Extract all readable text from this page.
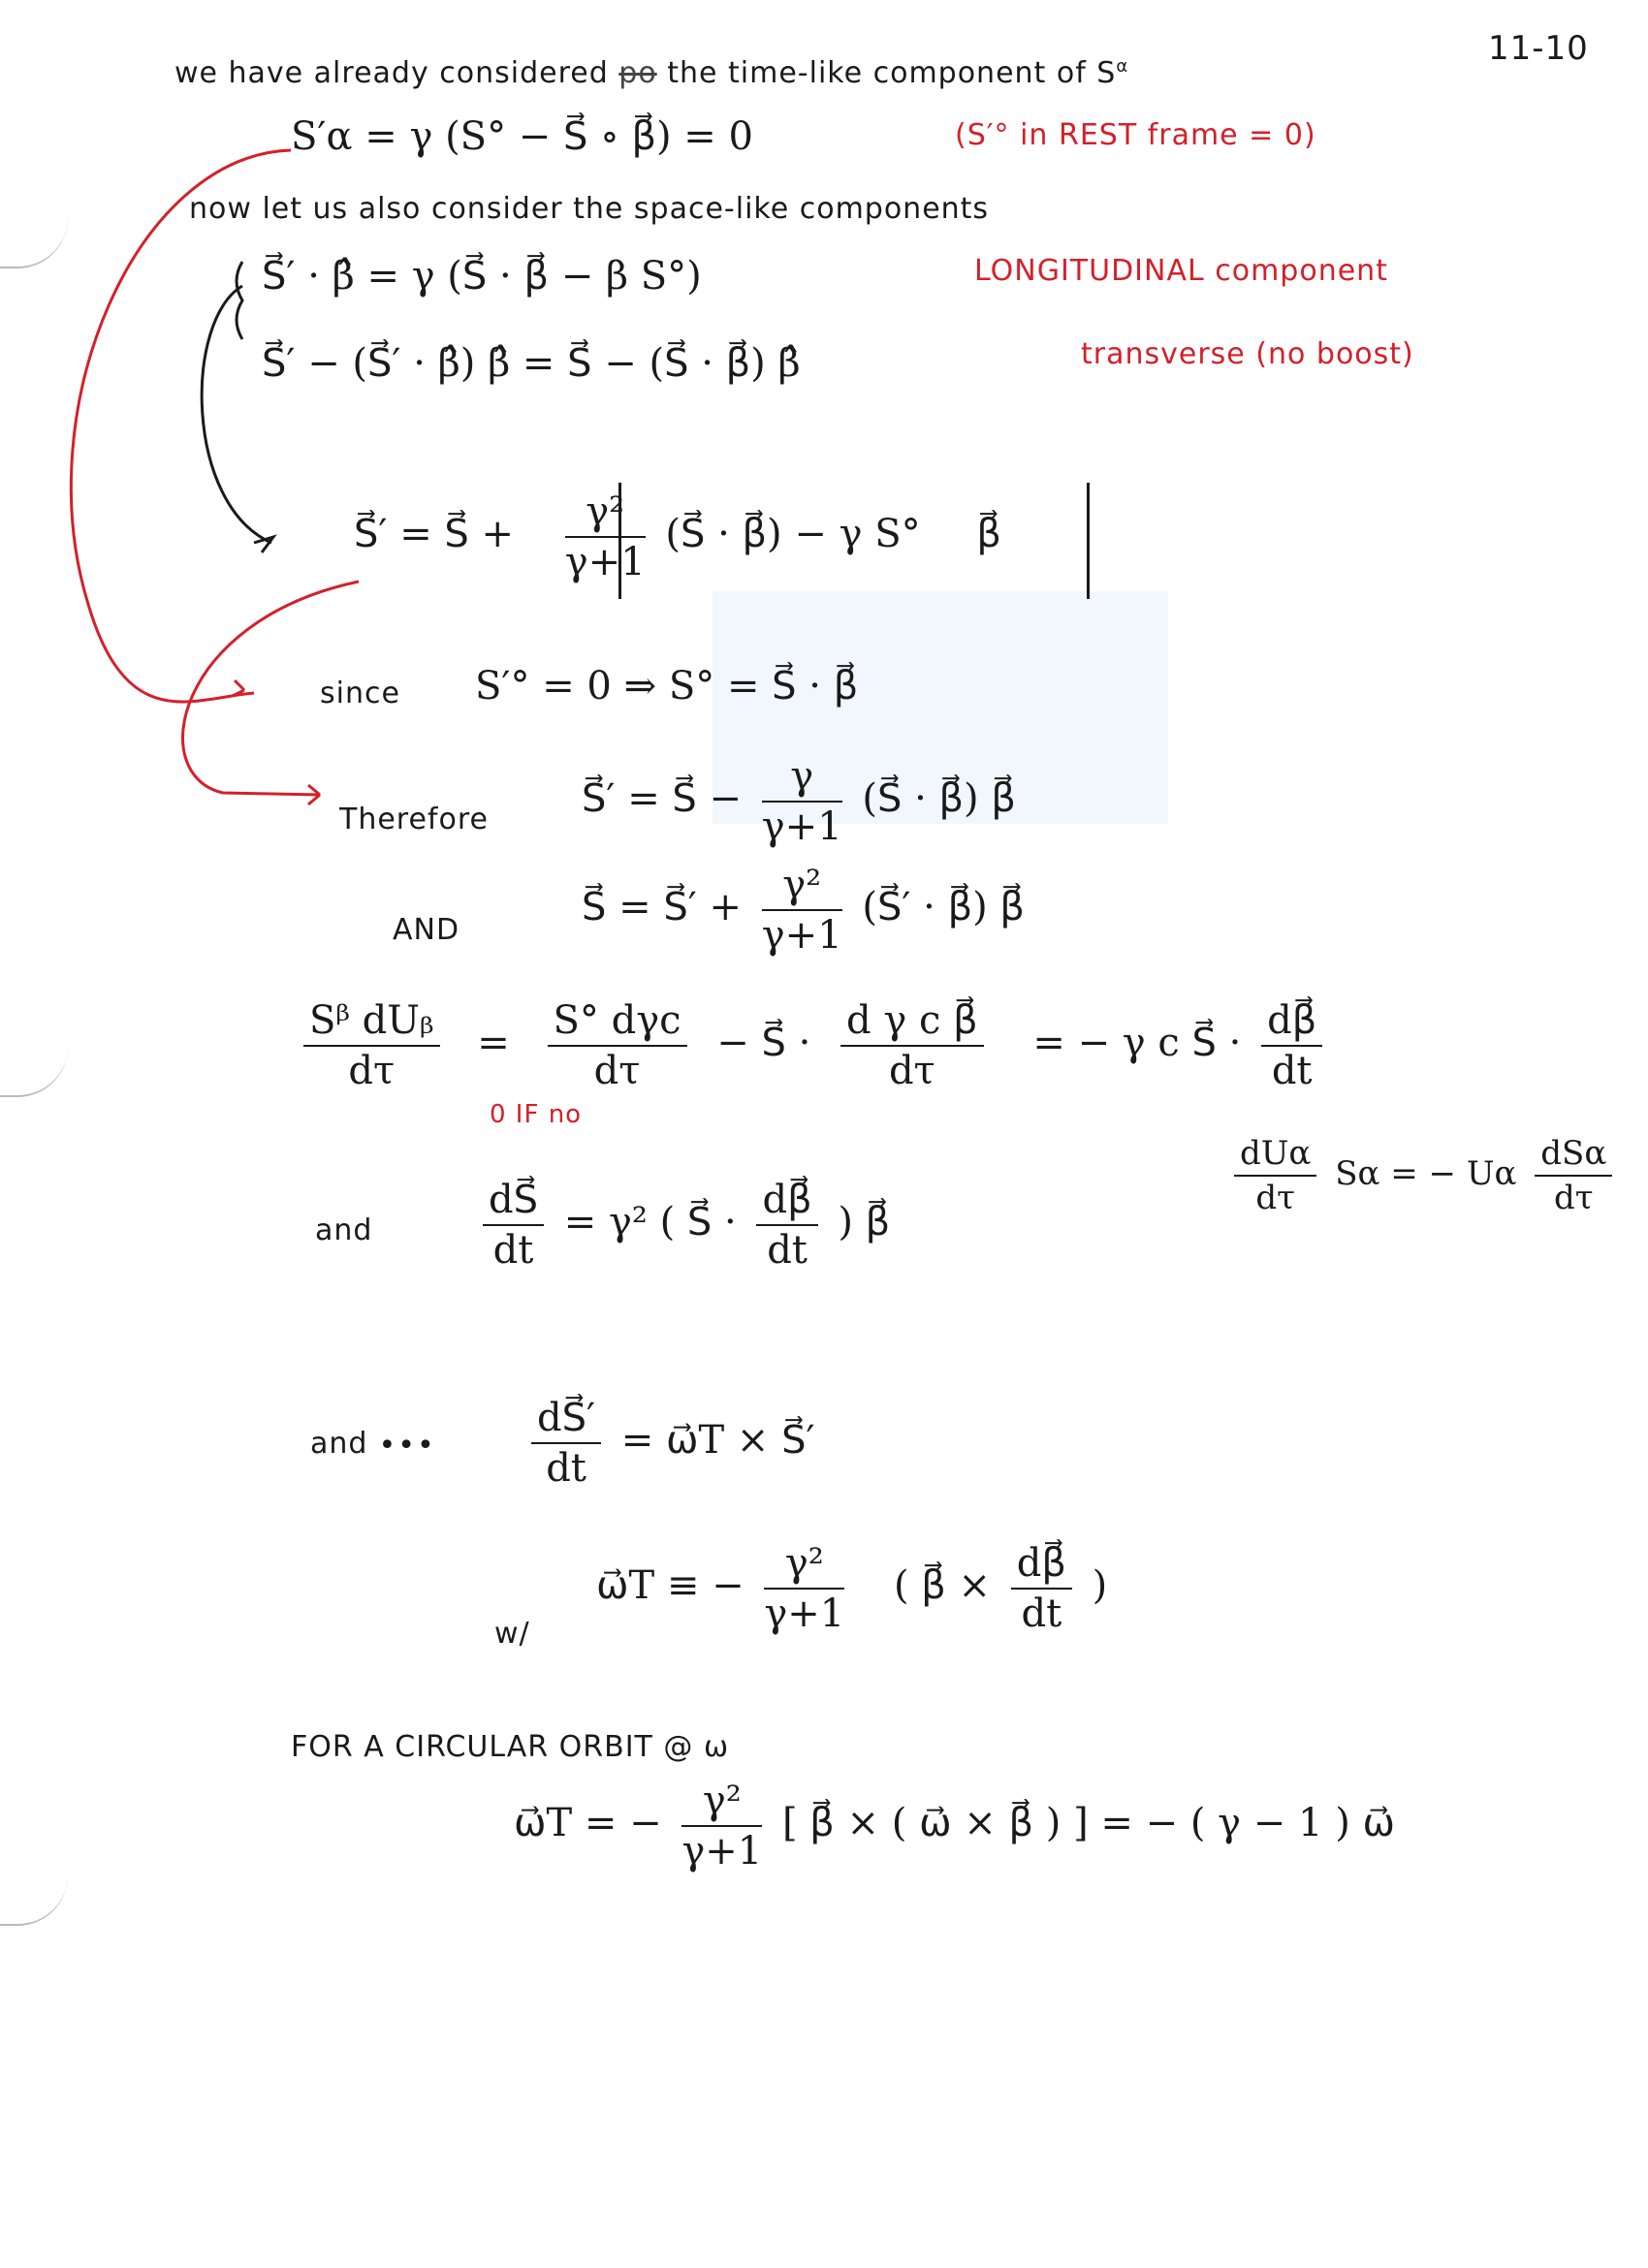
we have already considered po the time-like component of $S^\alpha$	11-10
S′α = γ (S° − S⃗ ∘ β⃗) = 0	(S′° in REST frame = 0)
now let us also consider the space-like components
S⃗′ · β̂ = γ (S⃗ · β⃗ − β S°)	LONGITUDINAL component
S⃗′ − (S⃗′ · β̂) β̂ = S⃗ − (S⃗ · β⃗) β̂	transverse (no boost)
S⃗′ = S⃗ + $\frac{\text{γ²}}{\gamma+1}$ (S⃗ · β⃗) − γ S° β⃗
since S′° = 0 ⇒ S° = S⃗ · β⃗
Therefore S⃗′ = S⃗ − $\frac{\gamma}{\gamma+1}$ (S⃗ · β⃗) β⃗
AND
S⃗ = S⃗′ + $\frac{\text{γ²}}{\gamma+1}$ (S⃗′ · β⃗) β⃗
$\frac{\text{Sᵝ dUᵦ}}{d\tau} = \frac{\text{S° dγc}}{d\tau}$ − S⃗ · $\frac{\text{d γ c β⃗}}{d\tau}$ = − γ c S⃗ · $\frac{d\beta⃗}{dt}$
0 IF no
$\frac{\text{dUα}}{d\tau}$ Sα = − Uα $\frac{\text{dSα}}{d\tau}$
and	$\frac{dS⃗}{dt} = \gamma^2$ ( S⃗ · $\frac{d\beta⃗}{dt}$ ) β⃗
and ∙∙∙ $\frac{dS⃗'}{dt}$ = ω⃗T × S⃗′
w/
ω⃗T ≡ − $\frac{\text{γ²}}{\gamma+1}$ ( β⃗ × $\frac{d\beta⃗}{dt}$ )
FOR A CIRCULAR ORBIT @ ω
ω⃗T = − $\frac{\text{γ²}}{\gamma+1}$ [ β⃗ × ( ω⃗ × β⃗ ) ] = − ( γ − 1 ) ω⃗
